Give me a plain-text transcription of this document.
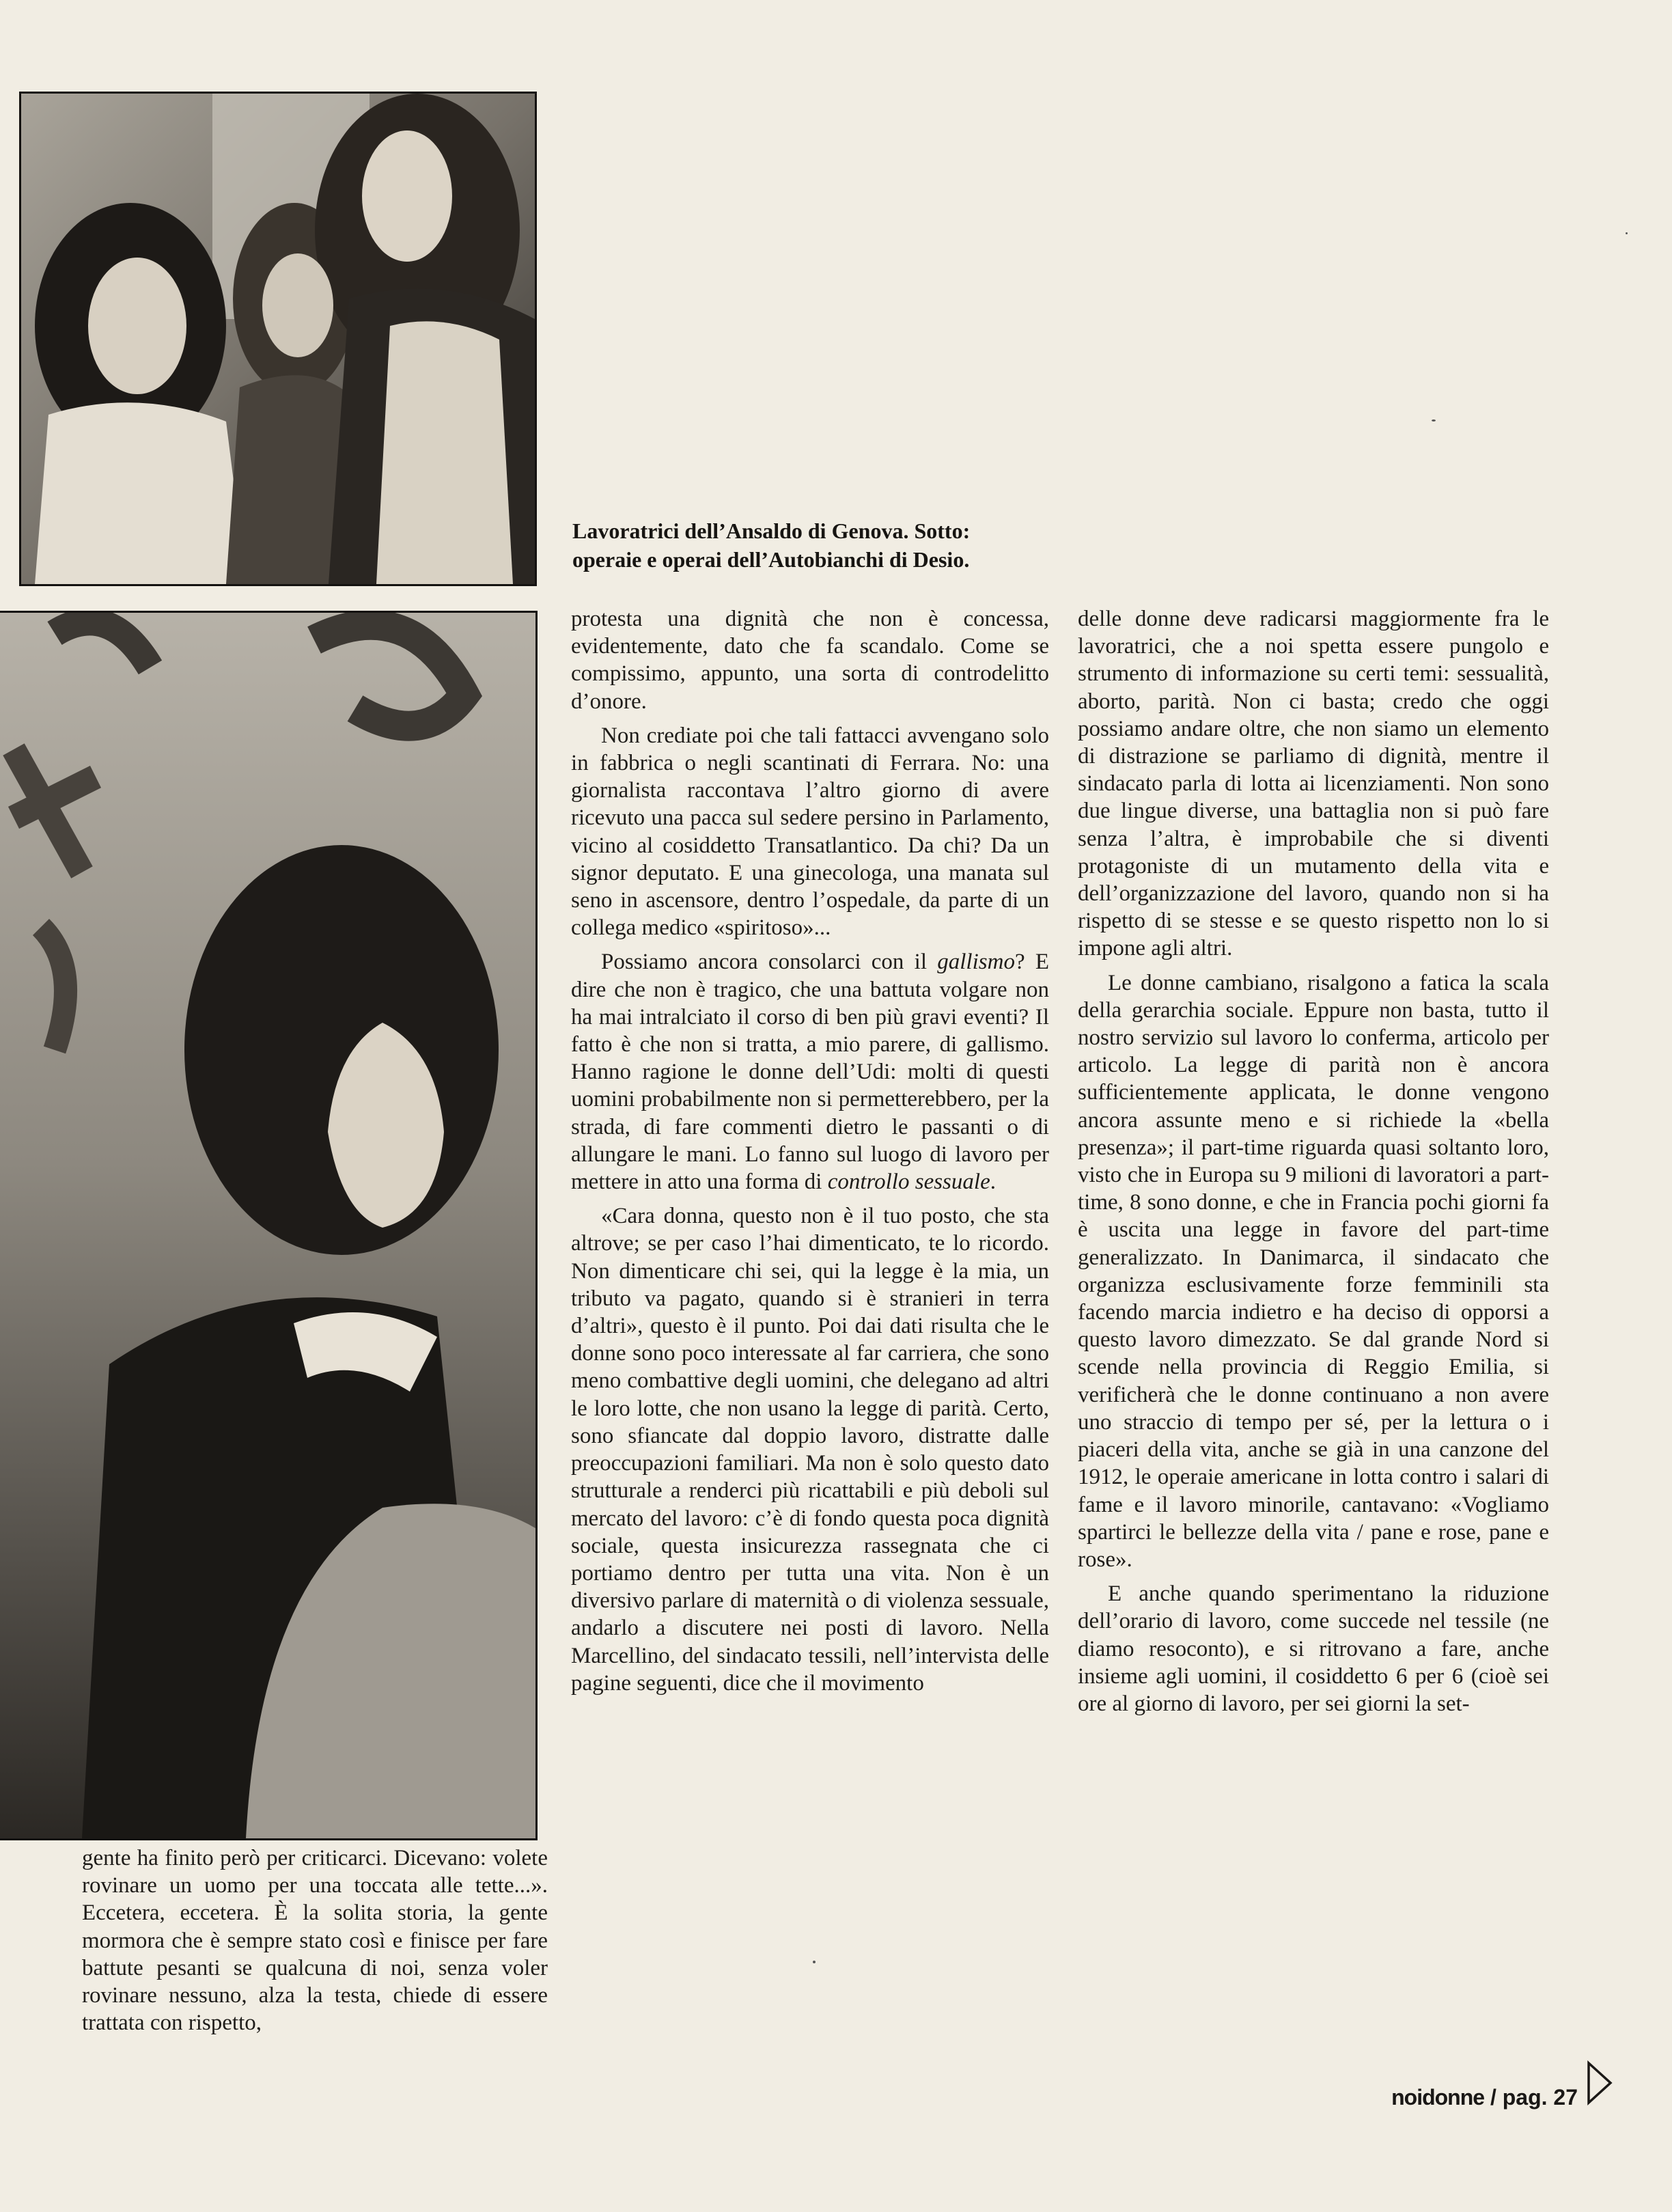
Lavoratrici dell’Ansaldo di Genova. Sotto:
operaie e operai dell’Autobianchi di Desio.

gente ha finito però per criticarci. Dicevano: volete rovinare un uomo per una toccata alle tette...». Eccetera, eccetera. È la solita storia, la gente mormora che è sempre stato così e finisce per fare battute pesanti se qualcuna di noi, senza voler rovinare nessuno, alza la testa, chiede di essere trattata con rispetto,

protesta una dignità che non è concessa, evidentemente, dato che fa scandalo. Come se compissimo, appunto, una sorta di controdelitto d’onore.

Non crediate poi che tali fattacci avvengano solo in fabbrica o negli scantinati di Ferrara. No: una giornalista raccontava l’altro giorno di avere ricevuto una pacca sul sedere persino in Parlamento, vicino al cosiddetto Transatlantico. Da chi? Da un signor deputato. E una ginecologa, una manata sul seno in ascensore, dentro l’ospedale, da parte di un collega medico «spiritoso»...

Possiamo ancora consolarci con il gallismo? E dire che non è tragico, che una battuta volgare non ha mai intralciato il corso di ben più gravi eventi? Il fatto è che non si tratta, a mio parere, di gallismo. Hanno ragione le donne dell’Udi: molti di questi uomini probabilmente non si permetterebbero, per la strada, di fare commenti dietro le passanti o di allungare le mani. Lo fanno sul luogo di lavoro per mettere in atto una forma di controllo sessuale.

«Cara donna, questo non è il tuo posto, che sta altrove; se per caso l’hai dimenticato, te lo ricordo. Non dimenticare chi sei, qui la legge è la mia, un tributo va pagato, quando si è stranieri in terra d’altri», questo è il punto. Poi dai dati risulta che le donne sono poco interessate al far carriera, che sono meno combattive degli uomini, che delegano ad altri le loro lotte, che non usano la legge di parità. Certo, sono sfiancate dal doppio lavoro, distratte dalle preoccupazioni familiari. Ma non è solo questo dato strutturale a renderci più ricattabili e più deboli sul mercato del lavoro: c’è di fondo questa poca dignità sociale, questa insicurezza rassegnata che ci portiamo dentro per tutta una vita. Non è un diversivo parlare di maternità o di violenza sessuale, andarlo a discutere nei posti di lavoro. Nella Marcellino, del sindacato tessili, nell’intervista delle pagine seguenti, dice che il movimento

delle donne deve radicarsi maggiormente fra le lavoratrici, che a noi spetta essere pungolo e strumento di informazione su certi temi: sessualità, aborto, parità. Non ci basta; credo che oggi possiamo andare oltre, che non siamo un elemento di distrazione se parliamo di dignità, mentre il sindacato parla di lotta ai licenziamenti. Non sono due lingue diverse, una battaglia non si può fare senza l’altra, è improbabile che si diventi protagoniste di un mutamento della vita e dell’organizzazione del lavoro, quando non si ha rispetto di se stesse e se questo rispetto non lo si impone agli altri.

Le donne cambiano, risalgono a fatica la scala della gerarchia sociale. Eppure non basta, tutto il nostro servizio sul lavoro lo conferma, articolo per articolo. La legge di parità non è ancora sufficientemente applicata, le donne vengono ancora assunte meno e si richiede la «bella presenza»; il part-time riguarda quasi soltanto loro, visto che in Europa su 9 milioni di lavoratori a part-time, 8 sono donne, e che in Francia pochi giorni fa è uscita una legge in favore del part-time generalizzato. In Danimarca, il sindacato che organizza esclusivamente forze femminili sta facendo marcia indietro e ha deciso di opporsi a questo lavoro dimezzato. Se dal grande Nord si scende nella provincia di Reggio Emilia, si verificherà che le donne continuano a non avere uno straccio di tempo per sé, per la lettura o i piaceri della vita, anche se già in una canzone del 1912, le operaie americane in lotta contro i salari di fame e il lavoro minorile, cantavano: «Vogliamo spartirci le bellezze della vita / pane e rose, pane e rose».

E anche quando sperimentano la riduzione dell’orario di lavoro, come succede nel tessile (ne diamo resoconto), e si ritrovano a fare, anche insieme agli uomini, il cosiddetto 6 per 6 (cioè sei ore al giorno di lavoro, per sei giorni la set-

noidonne / pag. 27
